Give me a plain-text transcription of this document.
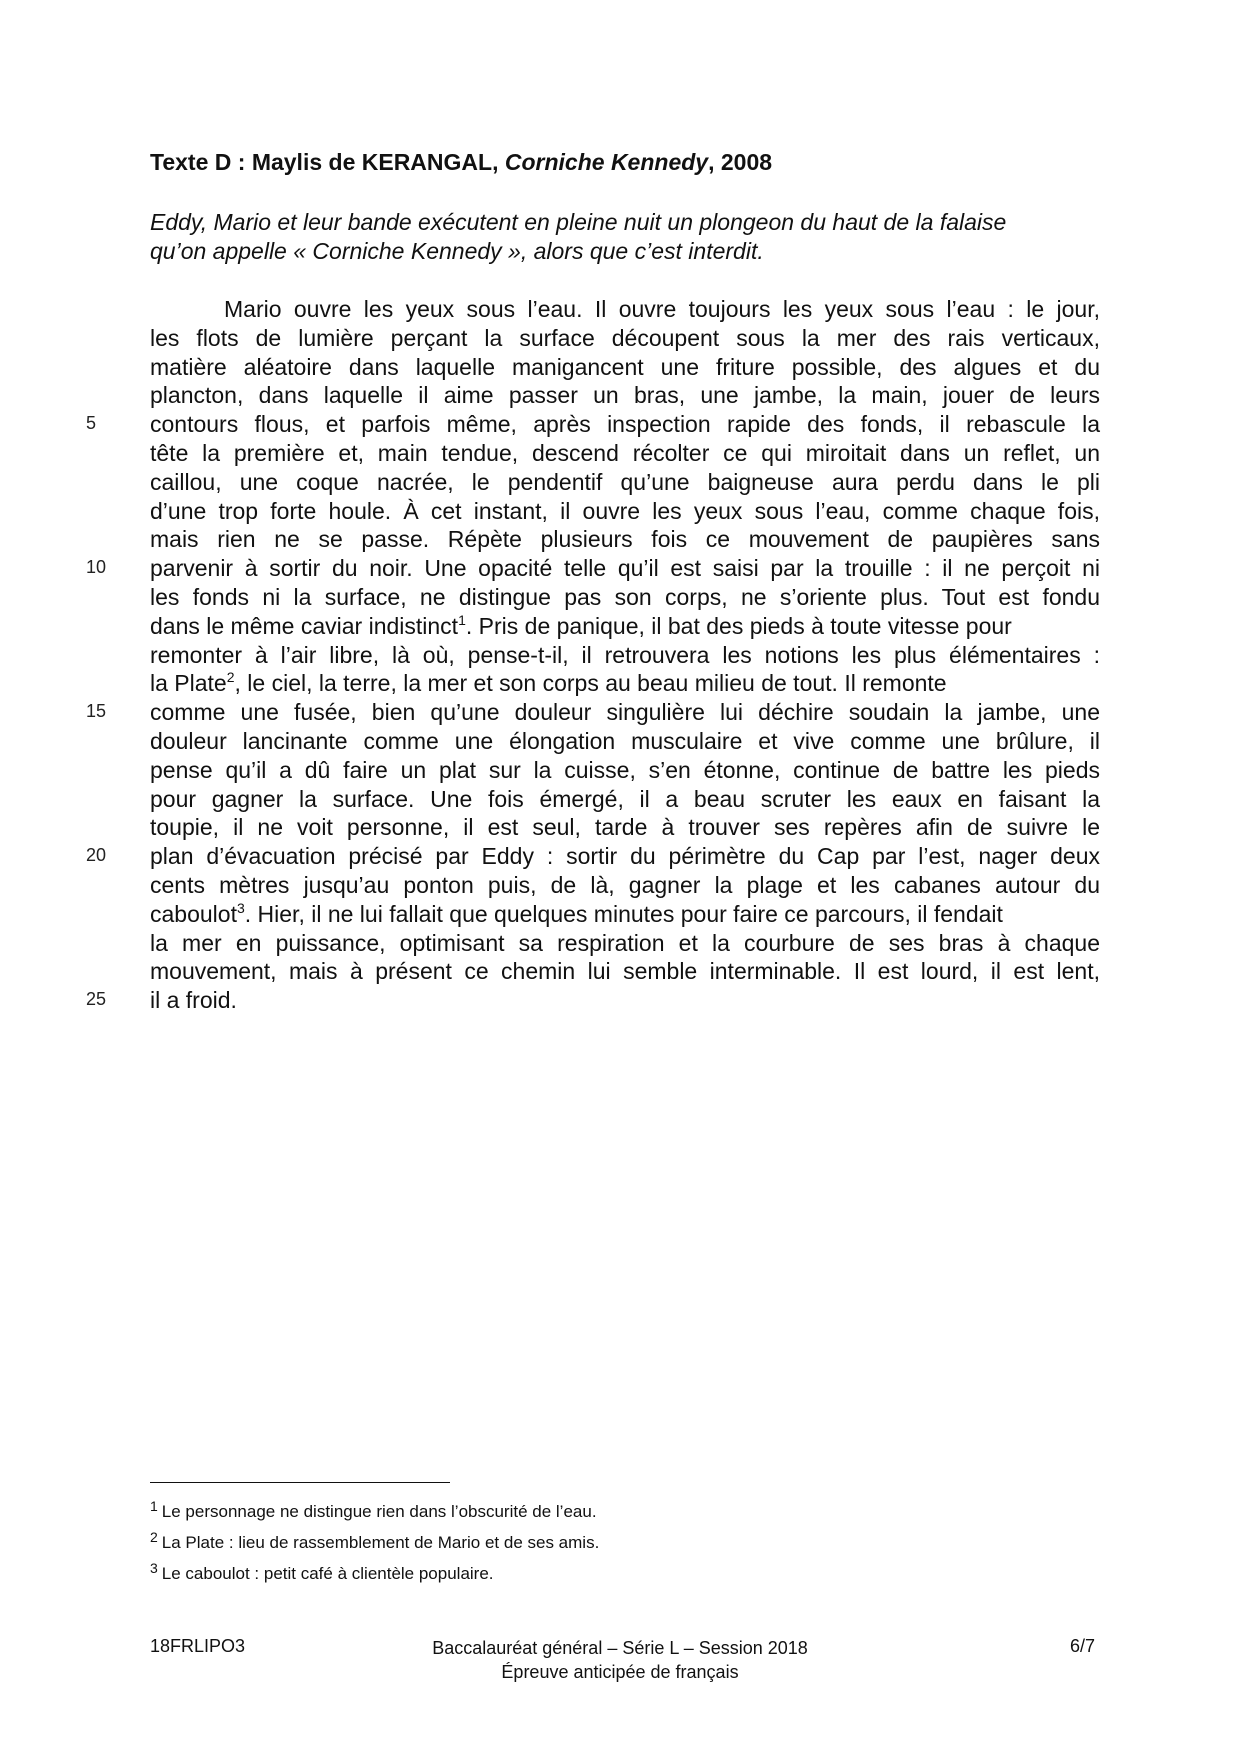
Texte D : Maylis de KERANGAL, Corniche Kennedy, 2008

Eddy, Mario et leur bande exécutent en pleine nuit un plongeon du haut de la falaise
qu’on appelle « Corniche Kennedy », alors que c’est interdit.

Mario ouvre les yeux sous l’eau. Il ouvre toujours les yeux sous l’eau : le jour,
les flots de lumière perçant la surface découpent sous la mer des rais verticaux,
matière aléatoire dans laquelle manigancent une friture possible, des algues et du
plancton, dans laquelle il aime passer un bras, une jambe, la main, jouer de leurs
contours flous, et parfois même, après inspection rapide des fonds, il rebascule la
tête la première et, main tendue, descend récolter ce qui miroitait dans un reflet, un
caillou, une coque nacrée, le pendentif qu’une baigneuse aura perdu dans le pli
d’une trop forte houle. À cet instant, il ouvre les yeux sous l’eau, comme chaque fois,
mais rien ne se passe. Répète plusieurs fois ce mouvement de paupières sans
parvenir à sortir du noir. Une opacité telle qu’il est saisi par la trouille : il ne perçoit ni
les fonds ni la surface, ne distingue pas son corps, ne s’oriente plus. Tout est fondu
dans le même caviar indistinct$^1$. Pris de panique, il bat des pieds à toute vitesse pour
remonter à l’air libre, là où, pense-t-il, il retrouvera les notions les plus élémentaires :
la Plate$^2$, le ciel, la terre, la mer et son corps au beau milieu de tout. Il remonte
comme une fusée, bien qu’une douleur singulière lui déchire soudain la jambe, une
douleur lancinante comme une élongation musculaire et vive comme une brûlure, il
pense qu’il a dû faire un plat sur la cuisse, s’en étonne, continue de battre les pieds
pour gagner la surface. Une fois émergé, il a beau scruter les eaux en faisant la
toupie, il ne voit personne, il est seul, tarde à trouver ses repères afin de suivre le
plan d’évacuation précisé par Eddy : sortir du périmètre du Cap par l’est, nager deux
cents mètres jusqu’au ponton puis, de là, gagner la plage et les cabanes autour du
caboulot$^3$. Hier, il ne lui fallait que quelques minutes pour faire ce parcours, il fendait
la mer en puissance, optimisant sa respiration et la courbure de ses bras à chaque
mouvement, mais à présent ce chemin lui semble interminable. Il est lourd, il est lent,
il a froid.

5
10
15
20
25
$^1$ Le personnage ne distingue rien dans l’obscurité de l’eau.
$^2$ La Plate : lieu de rassemblement de Mario et de ses amis.
$^3$ Le caboulot : petit café à clientèle populaire.
18FRLIPO3	Baccalauréat général – Série L – Session 2018
Épreuve anticipée de français
6/7
